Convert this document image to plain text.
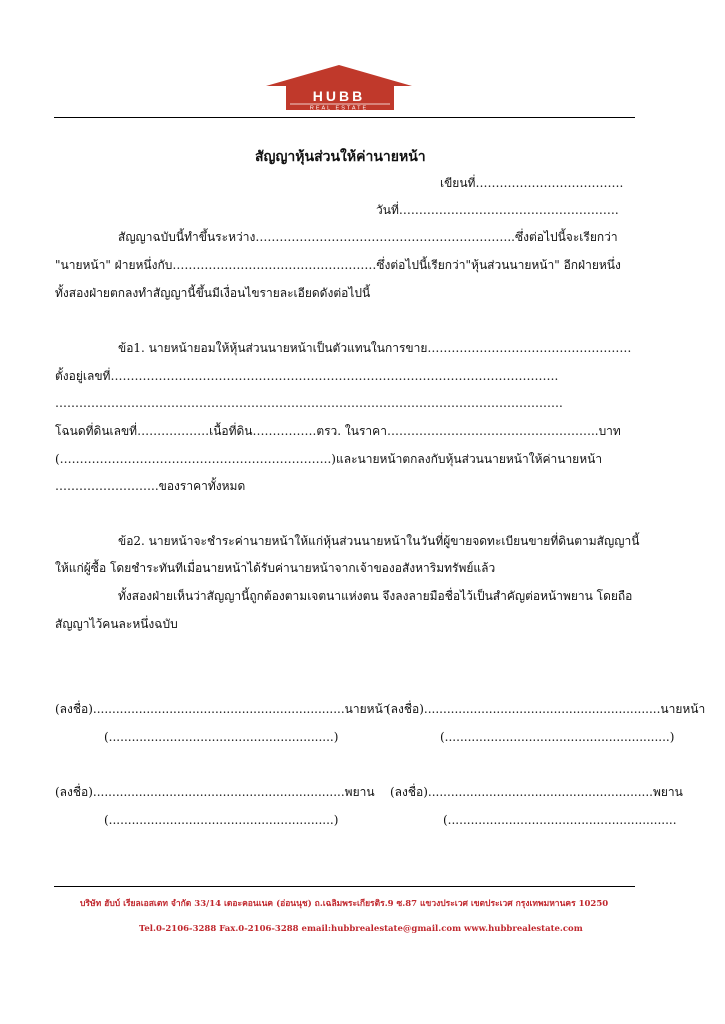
HUBB
REAL ESTATE
สัญญาหุ้นส่วนให้ค่านายหน้า
เขียนที่……………………………….
วันที่……………………………………………….
สัญญาฉบับนี้ทำขึ้นระหว่าง………………………………………………………..ซึ่งต่อไปนี้จะเรียกว่า
"นายหน้า" ฝ่ายหนึ่งกับ……………………………………………ซึ่งต่อไปนี้เรียกว่า"หุ้นส่วนนายหน้า" อีกฝ่ายหนึ่ง
ทั้งสองฝ่ายตกลงทำสัญญานี้ขึ้นมีเงื่อนไขรายละเอียดดังต่อไปนี้
ข้อ1. นายหน้ายอมให้หุ้นส่วนนายหน้าเป็นตัวแทนในการขาย……………………………………………
ตั้งอยู่เลขที่………………………………………………………………………………………………….
……………………………………………………………………………………………………………….
โฉนดที่ดินเลขที่………………เนื้อที่ดิน…………….ตรว. ในราคา……………………………………………..บาท
(…………………………………………………………..)และนายหน้าตกลงกับหุ้นส่วนนายหน้าให้ค่านายหน้า
……………………..ของราคาทั้งหมด
ข้อ2. นายหน้าจะชำระค่านายหน้าให้แก่หุ้นส่วนนายหน้าในวันที่ผู้ขายจดทะเบียนขายที่ดินตามสัญญานี้
ให้แก่ผู้ซื้อ โดยชำระทันทีเมื่อนายหน้าได้รับค่านายหน้าจากเจ้าของอสังหาริมทรัพย์แล้ว
ทั้งสองฝ่ายเห็นว่าสัญญานี้ถูกต้องตามเจตนาแห่งตน จึงลงลายมือชื่อไว้เป็นสำคัญต่อหน้าพยาน โดยถือ
สัญญาไว้คนละหนึ่งฉบับ
(ลงชื่อ)..................................................................นายหน้า
(...........................................................)
(ลงชื่อ)..............................................................นายหน้า
(...........................................................)
(ลงชื่อ)..................................................................พยาน
(...........................................................)
(ลงชื่อ)...........................................................พยาน
(............................................................
บริษัท ฮับบ์ เรียลเอสเตท จำกัด 33/14 เดอะคอนเนค (อ่อนนุช) ถ.เฉลิมพระเกียรติร.9 ซ.87 แขวงประเวศ เขตประเวศ กรุงเทพมหานคร 10250
Tel.0-2106-3288 Fax.0-2106-3288 email:hubbrealestate@gmail.com www.hubbrealestate.com
